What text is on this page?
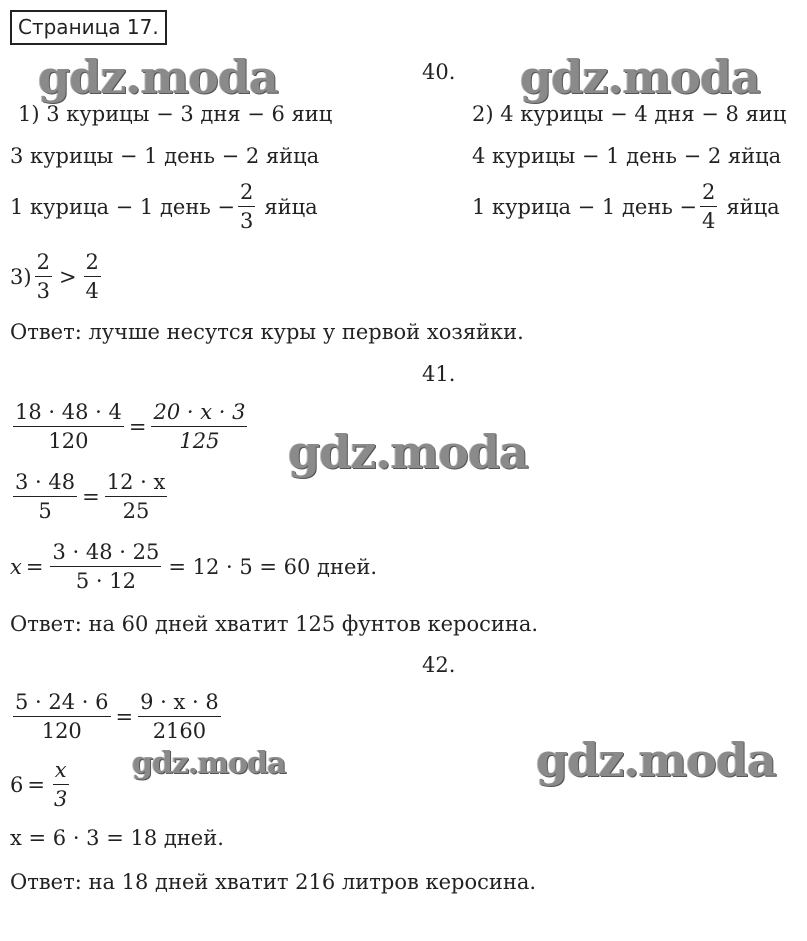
Страница 17.
gdz.moda	gdz.moda
gdz.moda
gdz.moda	gdz.moda
40.
1) 3 курицы − 3 дня − 6 яиц
3 курицы − 1 день − 2 яйца
1 курица − 1 день − $\frac{2}{3}$ яйца
2) 4 курицы − 4 дня − 8 яиц
4 курицы − 1 день − 2 яйца
1 курица − 1 день − $\frac{2}{4}$ яйца
$3) \frac{2}{3} > \frac{2}{4}$
Ответ: лучше несутся куры у первой хозяйки.
41.
$\frac{18 \cdot 48 \cdot 4}{120} = \frac{20 \cdot x \cdot 3}{125}$
$\frac{3 \cdot 48}{5} = \frac{12 \cdot x}{25}$
$x = \frac{3 \cdot 48 \cdot 25}{5 \cdot 12} = 12 \cdot 5 = 60$ дней.
Ответ: на 60 дней хватит 125 фунтов керосина.
42.
$\frac{5 \cdot 24 \cdot 6}{120} = \frac{9 \cdot x \cdot 8}{2160}$
$6 = \frac{x}{3}$
x = 6 · 3 = 18 дней.
Ответ: на 18 дней хватит 216 литров керосина.
